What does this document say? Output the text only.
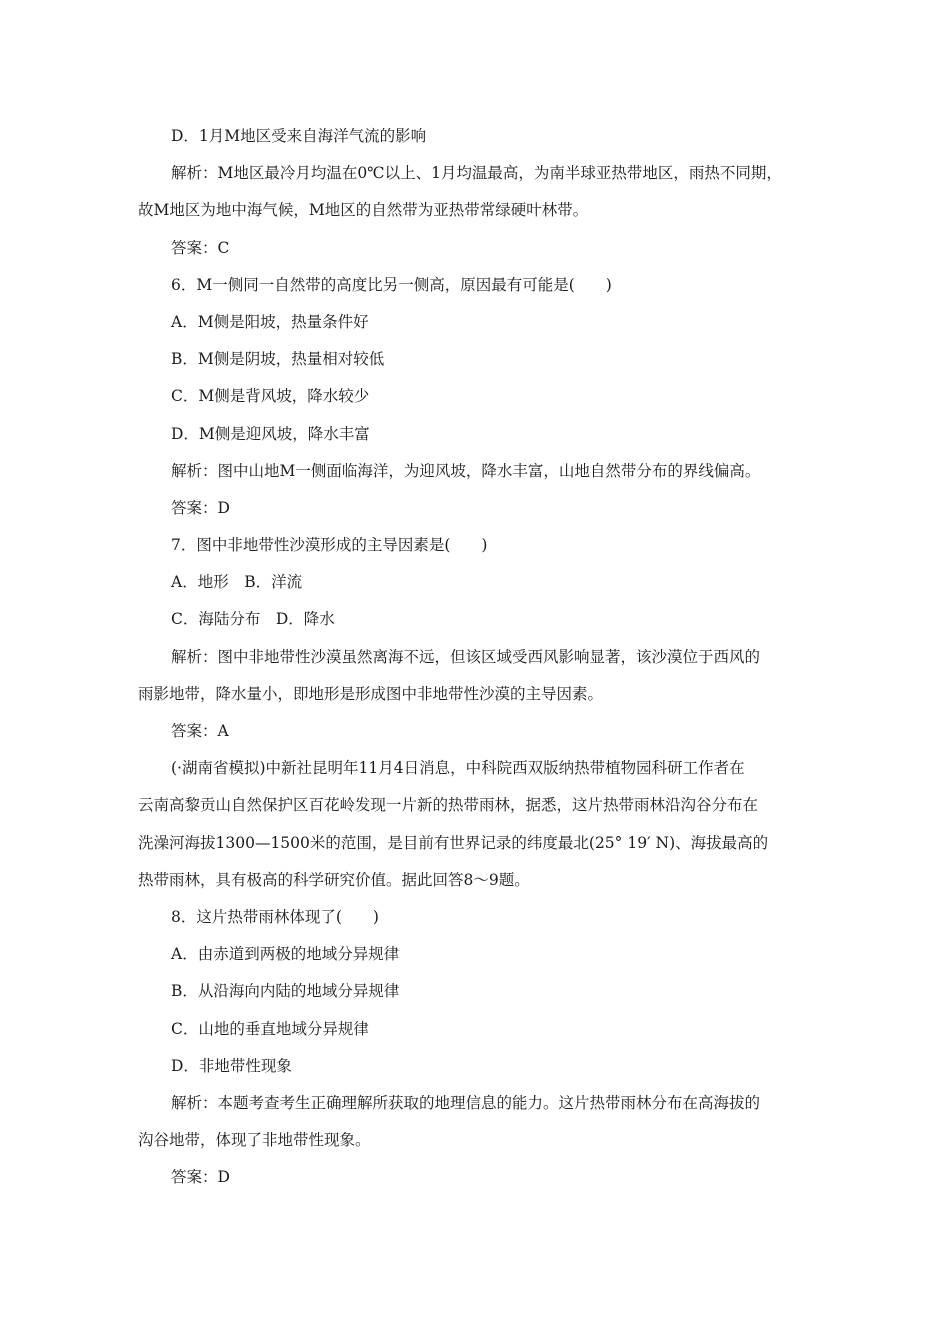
D．1月M地区受来自海洋气流的影响
解析：M地区最冷月均温在0℃以上、1月均温最高，为南半球亚热带地区，雨热不同期，
故M地区为地中海气候，M地区的自然带为亚热带常绿硬叶林带。
答案：C
6．M一侧同一自然带的高度比另一侧高，原因最有可能是(　　)
A．M侧是阳坡，热量条件好
B．M侧是阴坡，热量相对较低
C．M侧是背风坡，降水较少
D．M侧是迎风坡，降水丰富
解析：图中山地M一侧面临海洋，为迎风坡，降水丰富，山地自然带分布的界线偏高。
答案：D
7．图中非地带性沙漠形成的主导因素是(　　)
A．地形　B．洋流
C．海陆分布　D．降水
解析：图中非地带性沙漠虽然离海不远，但该区域受西风影响显著，该沙漠位于西风的
雨影地带，降水量小，即地形是形成图中非地带性沙漠的主导因素。
答案：A
(·湖南省模拟)中新社昆明年11月4日消息，中科院西双版纳热带植物园科研工作者在
云南高黎贡山自然保护区百花岭发现一片新的热带雨林，据悉，这片热带雨林沿沟谷分布在
洗澡河海拔1300—1500米的范围，是目前有世界记录的纬度最北(25° 19′ N)、海拔最高的
热带雨林，具有极高的科学研究价值。据此回答8～9题。
8．这片热带雨林体现了(　　)
A．由赤道到两极的地域分异规律
B．从沿海向内陆的地域分异规律
C．山地的垂直地域分异规律
D．非地带性现象
解析：本题考查考生正确理解所获取的地理信息的能力。这片热带雨林分布在高海拔的
沟谷地带，体现了非地带性现象。
答案：D
